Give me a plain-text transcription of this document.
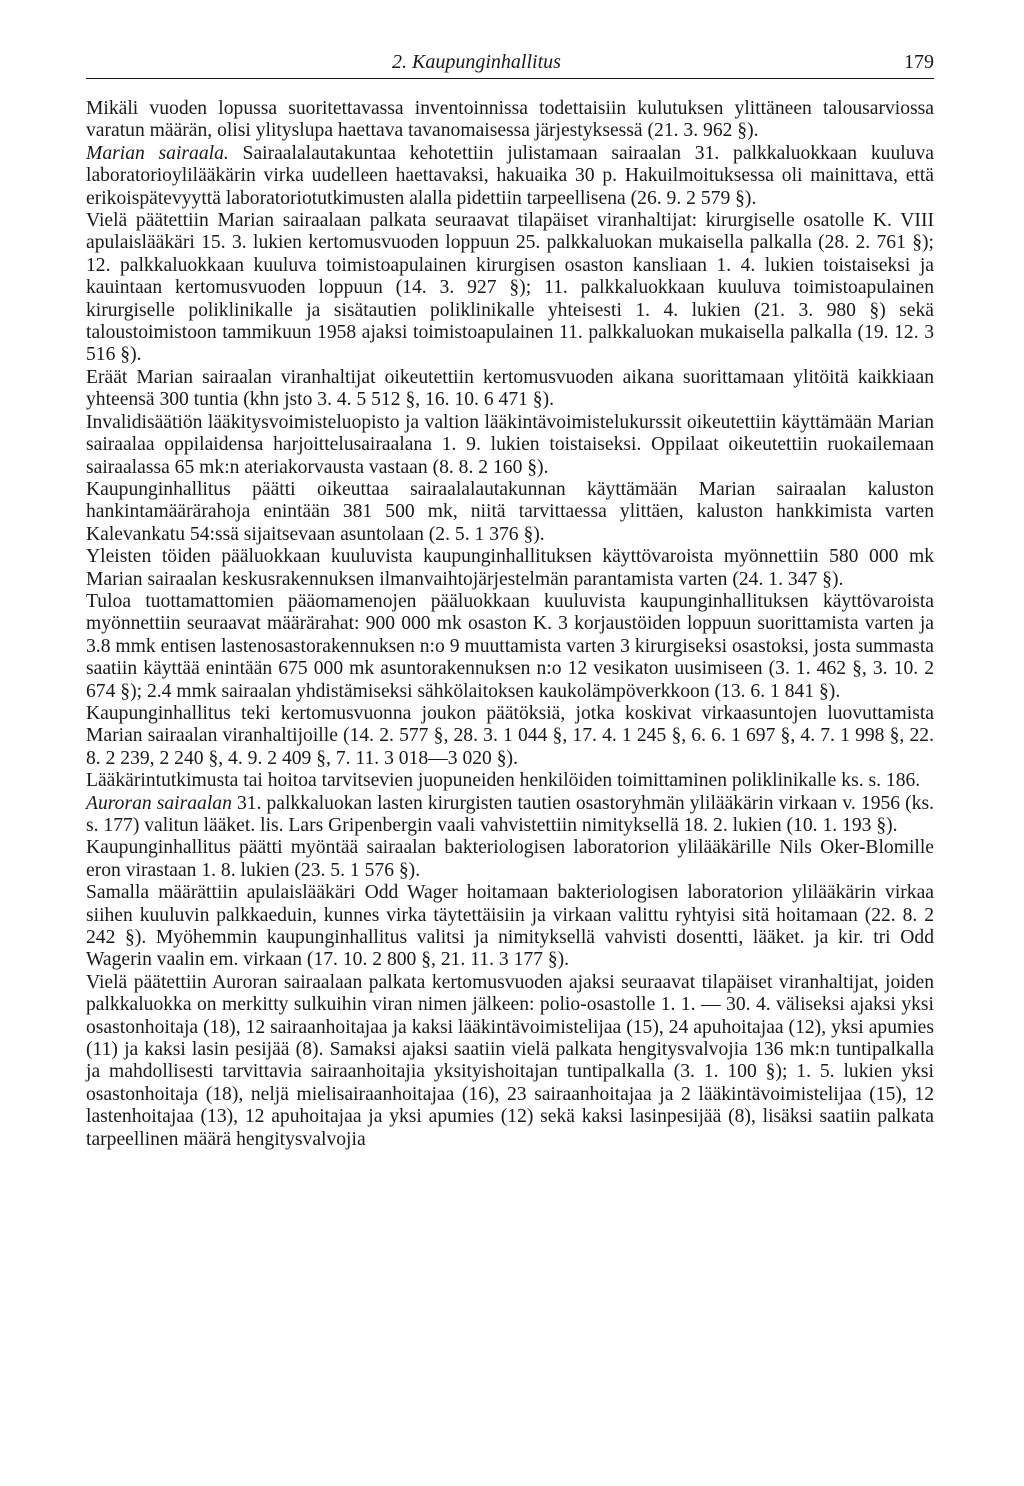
2. Kaupunginhallitus	179

Mikäli vuoden lopussa suoritettavassa inventoinnissa todettaisiin kulutuksen ylittäneen talousarviossa varatun määrän, olisi ylityslupa haettava tavanomaisessa järjestyksessä (21. 3. 962 §).

Marian sairaala. Sairaalalautakuntaa kehotettiin julistamaan sairaalan 31. palkkaluokkaan kuuluva laboratorioylilääkärin virka uudelleen haettavaksi, hakuaika 30 p. Hakuilmoituksessa oli mainittava, että erikoispätevyyttä laboratoriotutkimusten alalla pidettiin tarpeellisena (26. 9. 2 579 §).

Vielä päätettiin Marian sairaalaan palkata seuraavat tilapäiset viranhaltijat: kirurgiselle osatolle K. VIII apulaislääkäri 15. 3. lukien kertomusvuoden loppuun 25. palkkaluokan mukaisella palkalla (28. 2. 761 §); 12. palkkaluokkaan kuuluva toimistoapulainen kirurgisen osaston kansliaan 1. 4. lukien toistaiseksi ja kauintaan kertomusvuoden loppuun (14. 3. 927 §); 11. palkkaluokkaan kuuluva toimistoapulainen kirurgiselle poliklinikalle ja sisätautien poliklinikalle yhteisesti 1. 4. lukien (21. 3. 980 §) sekä taloustoimistoon tammikuun 1958 ajaksi toimistoapulainen 11. palkkaluokan mukaisella palkalla (19. 12. 3 516 §).

Eräät Marian sairaalan viranhaltijat oikeutettiin kertomusvuoden aikana suorittamaan ylitöitä kaikkiaan yhteensä 300 tuntia (khn jsto 3. 4. 5 512 §, 16. 10. 6 471 §).

Invalidisäätiön lääkitysvoimisteluopisto ja valtion lääkintävoimistelukurssit oikeutettiin käyttämään Marian sairaalaa oppilaidensa harjoittelusairaalana 1. 9. lukien toistaiseksi. Oppilaat oikeutettiin ruokailemaan sairaalassa 65 mk:n ateriakorvausta vastaan (8. 8. 2 160 §).

Kaupunginhallitus päätti oikeuttaa sairaalalautakunnan käyttämään Marian sairaalan kaluston hankintamäärärahoja enintään 381 500 mk, niitä tarvittaessa ylittäen, kaluston hankkimista varten Kalevankatu 54:ssä sijaitsevaan asuntolaan (2. 5. 1 376 §).

Yleisten töiden pääluokkaan kuuluvista kaupunginhallituksen käyttövaroista myönnettiin 580 000 mk Marian sairaalan keskusrakennuksen ilmanvaihtojärjestelmän parantamista varten (24. 1. 347 §).

Tuloa tuottamattomien pääomamenojen pääluokkaan kuuluvista kaupunginhallituksen käyttövaroista myönnettiin seuraavat määrärahat: 900 000 mk osaston K. 3 korjaustöiden loppuun suorittamista varten ja 3.8 mmk entisen lastenosastorakennuksen n:o 9 muuttamista varten 3 kirurgiseksi osastoksi, josta summasta saatiin käyttää enintään 675 000 mk asuntorakennuksen n:o 12 vesikaton uusimiseen (3. 1. 462 §, 3. 10. 2 674 §); 2.4 mmk sairaalan yhdistämiseksi sähkölaitoksen kaukolämpöverkkoon (13. 6. 1 841 §).

Kaupunginhallitus teki kertomusvuonna joukon päätöksiä, jotka koskivat virkaasuntojen luovuttamista Marian sairaalan viranhaltijoille (14. 2. 577 §, 28. 3. 1 044 §, 17. 4. 1 245 §, 6. 6. 1 697 §, 4. 7. 1 998 §, 22. 8. 2 239, 2 240 §, 4. 9. 2 409 §, 7. 11. 3 018—3 020 §).

Lääkärintutkimusta tai hoitoa tarvitsevien juopuneiden henkilöiden toimittaminen poliklinikalle ks. s. 186.

Auroran sairaalan 31. palkkaluokan lasten kirurgisten tautien osastoryhmän ylilääkärin virkaan v. 1956 (ks. s. 177) valitun lääket. lis. Lars Gripenbergin vaali vahvistettiin nimityksellä 18. 2. lukien (10. 1. 193 §).

Kaupunginhallitus päätti myöntää sairaalan bakteriologisen laboratorion ylilääkärille Nils Oker-Blomille eron virastaan 1. 8. lukien (23. 5. 1 576 §).

Samalla määrättiin apulaislääkäri Odd Wager hoitamaan bakteriologisen laboratorion ylilääkärin virkaa siihen kuuluvin palkkaeduin, kunnes virka täytettäisiin ja virkaan valittu ryhtyisi sitä hoitamaan (22. 8. 2 242 §). Myöhemmin kaupunginhallitus valitsi ja nimityksellä vahvisti dosentti, lääket. ja kir. tri Odd Wagerin vaalin em. virkaan (17. 10. 2 800 §, 21. 11. 3 177 §).

Vielä päätettiin Auroran sairaalaan palkata kertomusvuoden ajaksi seuraavat tilapäiset viranhaltijat, joiden palkkaluokka on merkitty sulkuihin viran nimen jälkeen: polio-osastolle 1. 1. — 30. 4. väliseksi ajaksi yksi osastonhoitaja (18), 12 sairaanhoitajaa ja kaksi lääkintävoimistelijaa (15), 24 apuhoitajaa (12), yksi apumies (11) ja kaksi lasin pesijää (8). Samaksi ajaksi saatiin vielä palkata hengitysvalvojia 136 mk:n tuntipalkalla ja mahdollisesti tarvittavia sairaanhoitajia yksityishoitajan tuntipalkalla (3. 1. 100 §); 1. 5. lukien yksi osastonhoitaja (18), neljä mielisairaanhoitajaa (16), 23 sairaanhoitajaa ja 2 lääkintävoimistelijaa (15), 12 lastenhoitajaa (13), 12 apuhoitajaa ja yksi apumies (12) sekä kaksi lasinpesijää (8), lisäksi saatiin palkata tarpeellinen määrä hengitysvalvojia
